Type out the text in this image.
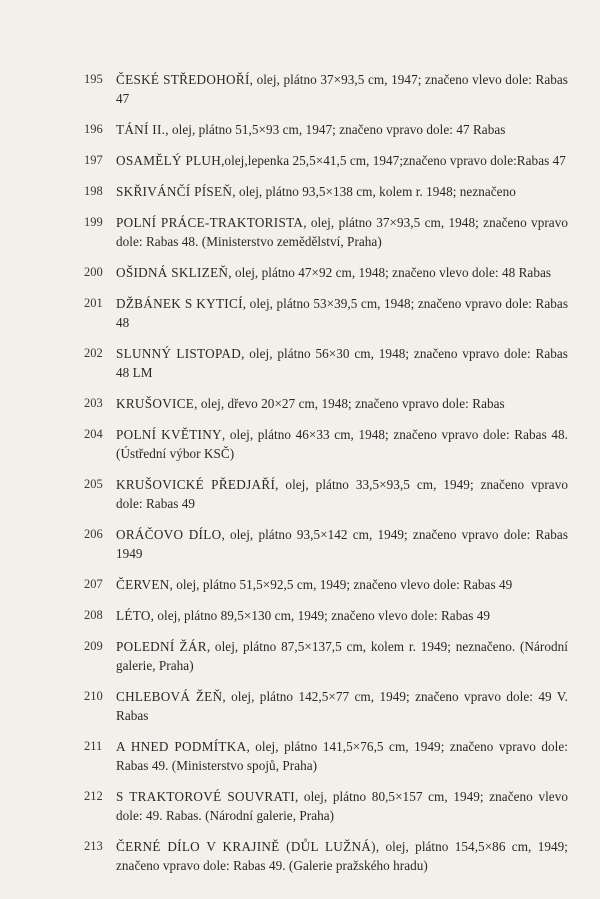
195	ČESKÉ STŘEDOHOŘÍ, olej, plátno 37×93,5 cm, 1947; značeno vlevo dole: Rabas 47
196	TÁNÍ II., olej, plátno 51,5×93 cm, 1947; značeno vpravo dole: 47 Rabas
197	OSAMĚLÝ PLUH,olej,lepenka 25,5×41,5 cm, 1947;značeno vpravo dole:Rabas 47
198	SKŘIVÁNČÍ PÍSEŇ, olej, plátno 93,5×138 cm, kolem r. 1948; neznačeno
199	POLNÍ PRÁCE-TRAKTORISTA, olej, plátno 37×93,5 cm, 1948; značeno vpravo dole: Rabas 48. (Ministerstvo zemědělství, Praha)
200	OŠIDNÁ SKLIZEŇ, olej, plátno 47×92 cm, 1948; značeno vlevo dole: 48 Rabas
201	DŽBÁNEK S KYTICÍ, olej, plátno 53×39,5 cm, 1948; značeno vpravo dole: Rabas 48
202	SLUNNÝ LISTOPAD, olej, plátno 56×30 cm, 1948; značeno vpravo dole: Rabas 48 LM
203	KRUŠOVICE, olej, dřevo 20×27 cm, 1948; značeno vpravo dole: Rabas
204	POLNÍ KVĚTINY, olej, plátno 46×33 cm, 1948; značeno vpravo dole: Rabas 48. (Ústřední výbor KSČ)
205	KRUŠOVICKÉ PŘEDJAŘÍ, olej, plátno 33,5×93,5 cm, 1949; značeno vpravo dole: Rabas 49
206	ORÁČOVO DÍLO, olej, plátno 93,5×142 cm, 1949; značeno vpravo dole: Rabas 1949
207	ČERVEN, olej, plátno 51,5×92,5 cm, 1949; značeno vlevo dole: Rabas 49
208	LÉTO, olej, plátno 89,5×130 cm, 1949; značeno vlevo dole: Rabas 49
209	POLEDNÍ ŽÁR, olej, plátno 87,5×137,5 cm, kolem r. 1949; neznačeno. (Národní galerie, Praha)
210	CHLEBOVÁ ŽEŇ, olej, plátno 142,5×77 cm, 1949; značeno vpravo dole: 49 V. Rabas
211	A HNED PODMÍTKA, olej, plátno 141,5×76,5 cm, 1949; značeno vpravo dole: Rabas 49. (Ministerstvo spojů, Praha)
212	S TRAKTOROVÉ SOUVRATI, olej, plátno 80,5×157 cm, 1949; značeno vlevo dole: 49. Rabas. (Národní galerie, Praha)
213	ČERNÉ DÍLO V KRAJINĚ (DŮL LUŽNÁ), olej, plátno 154,5×86 cm, 1949; značeno vpravo dole: Rabas 49. (Galerie pražského hradu)
